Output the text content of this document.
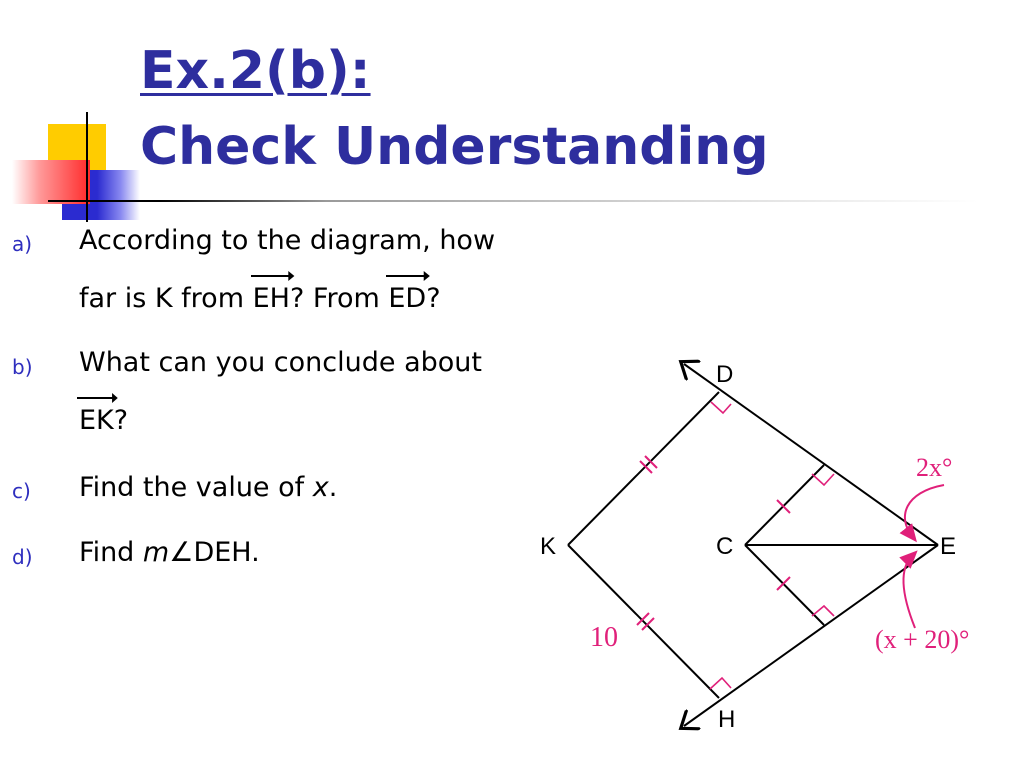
Ex.2(b):
Check Understanding
a) According to the diagram, how
far is K from
EH? From
ED?
b) What can you conclude about
EK?
c) Find the value of x.
d) Find m∠DEH.
D
E
H
K	C
2x°
(x + 20)°
10
